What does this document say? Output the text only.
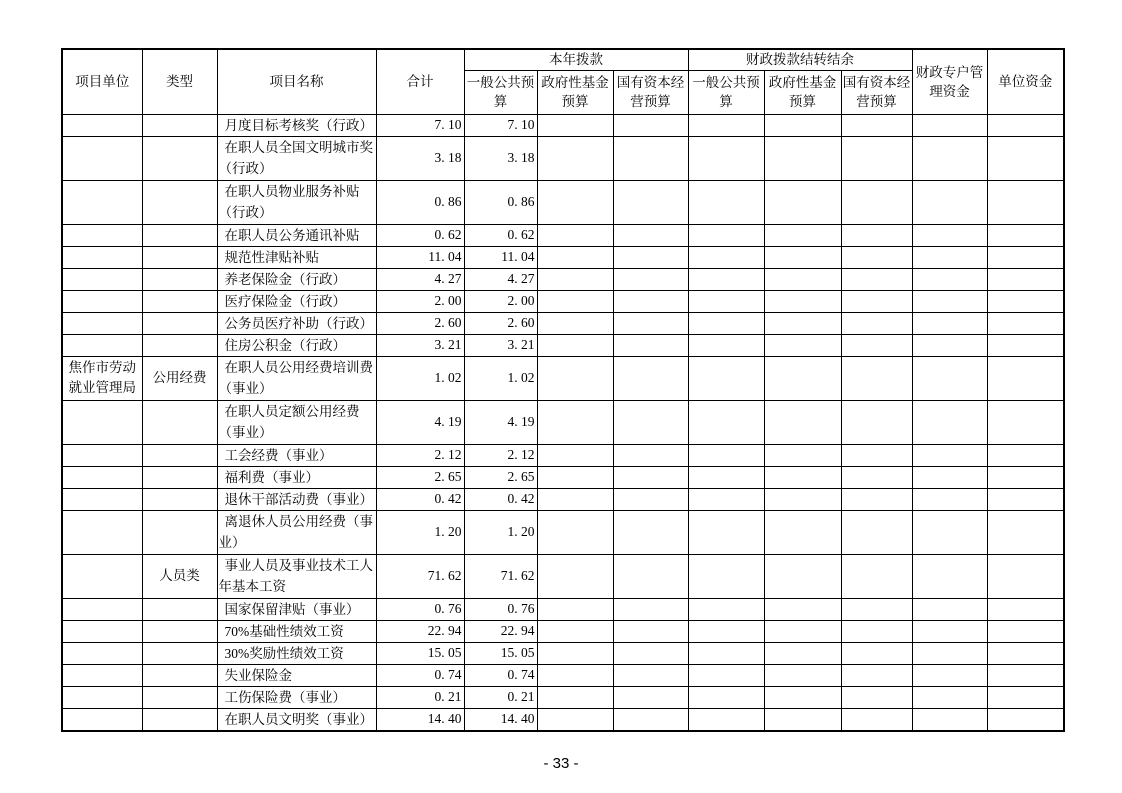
项目单位	类型	项目名称	合计	本年拨款			财政拨款结转结余			财政专户管理资金	单位资金
				一般公共预算	政府性基金预算	国有资本经营预算	一般公共预算	政府性基金预算	国有资本经营预算		
		月度目标考核奖（行政）	7. 10	7. 10							
		在职人员全国文明城市奖（行政）	3. 18	3. 18							
		在职人员物业服务补贴（行政）	0. 86	0. 86							
		在职人员公务通讯补贴	0. 62	0. 62							
		规范性津贴补贴	11. 04	11. 04							
		养老保险金（行政）	4. 27	4. 27							
		医疗保险金（行政）	2. 00	2. 00							
		公务员医疗补助（行政）	2. 60	2. 60							
		住房公积金（行政）	3. 21	3. 21							
焦作市劳动就业管理局	公用经费	在职人员公用经费培训费（事业）	1. 02	1. 02							
		在职人员定额公用经费（事业）	4. 19	4. 19							
		工会经费（事业）	2. 12	2. 12							
		福利费（事业）	2. 65	2. 65							
		退休干部活动费（事业）	0. 42	0. 42							
		离退休人员公用经费（事业）	1. 20	1. 20							
	人员类	事业人员及事业技术工人年基本工资	71. 62	71. 62							
		国家保留津贴（事业）	0. 76	0. 76							
		70%基础性绩效工资	22. 94	22. 94							
		30%奖励性绩效工资	15. 05	15. 05							
		失业保险金	0. 74	0. 74							
		工伤保险费（事业）	0. 21	0. 21							
		在职人员文明奖（事业）	14. 40	14. 40							
- 33 -
